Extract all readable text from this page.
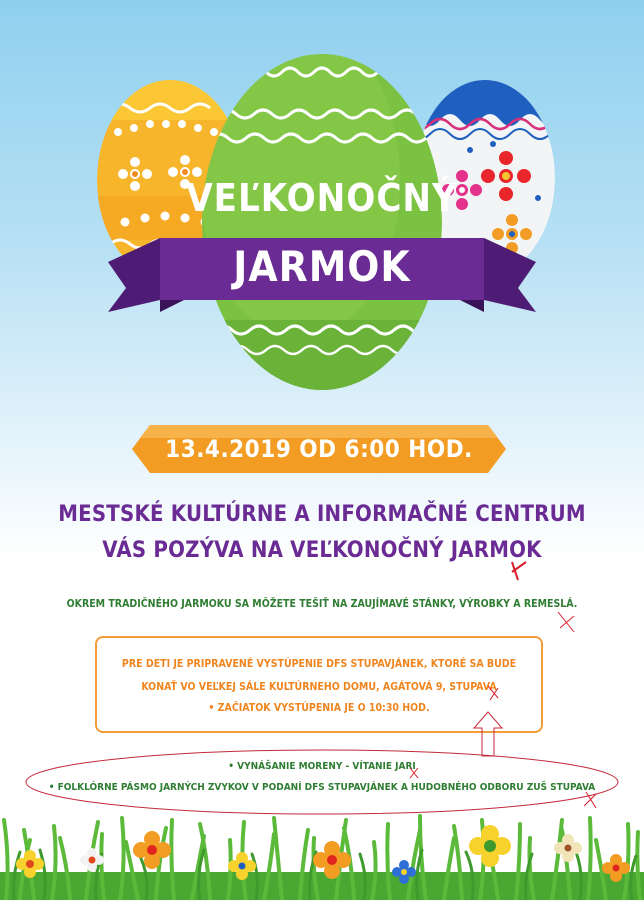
VEĽKONOČNÝ
JARMOK
13.4.2019 OD 6:00 HOD.
MESTSKÉ KULTÚRNE A INFORMAČNÉ CENTRUM
VÁS POZÝVA NA VEĽKONOČNÝ JARMOK
OKREM TRADIČNÉHO JARMOKU SA MÔŽETE TEŠIŤ NA ZAUJÍMAVÉ STÁNKY, VÝROBKY A REMESLÁ.
PRE DETI JE PRIPRAVENÉ VYSTÚPENIE DFS STUPAVJÁNEK, KTORÉ SA BUDE
KONAŤ VO VEĽKEJ SÁLE KULTÚRNEHO DOMU, AGÁTOVÁ 9, STUPAVA
• ZAČIATOK VYSTÚPENIA JE O 10:30 HOD.
• VYNÁŠANIE MORENY - VÍTANIE JARI
• FOLKLÓRNE PÁSMO JARNÝCH ZVYKOV V PODANÍ DFS STUPAVJÁNEK A HUDOBNÉHO ODBORU ZUŠ STUPAVA
